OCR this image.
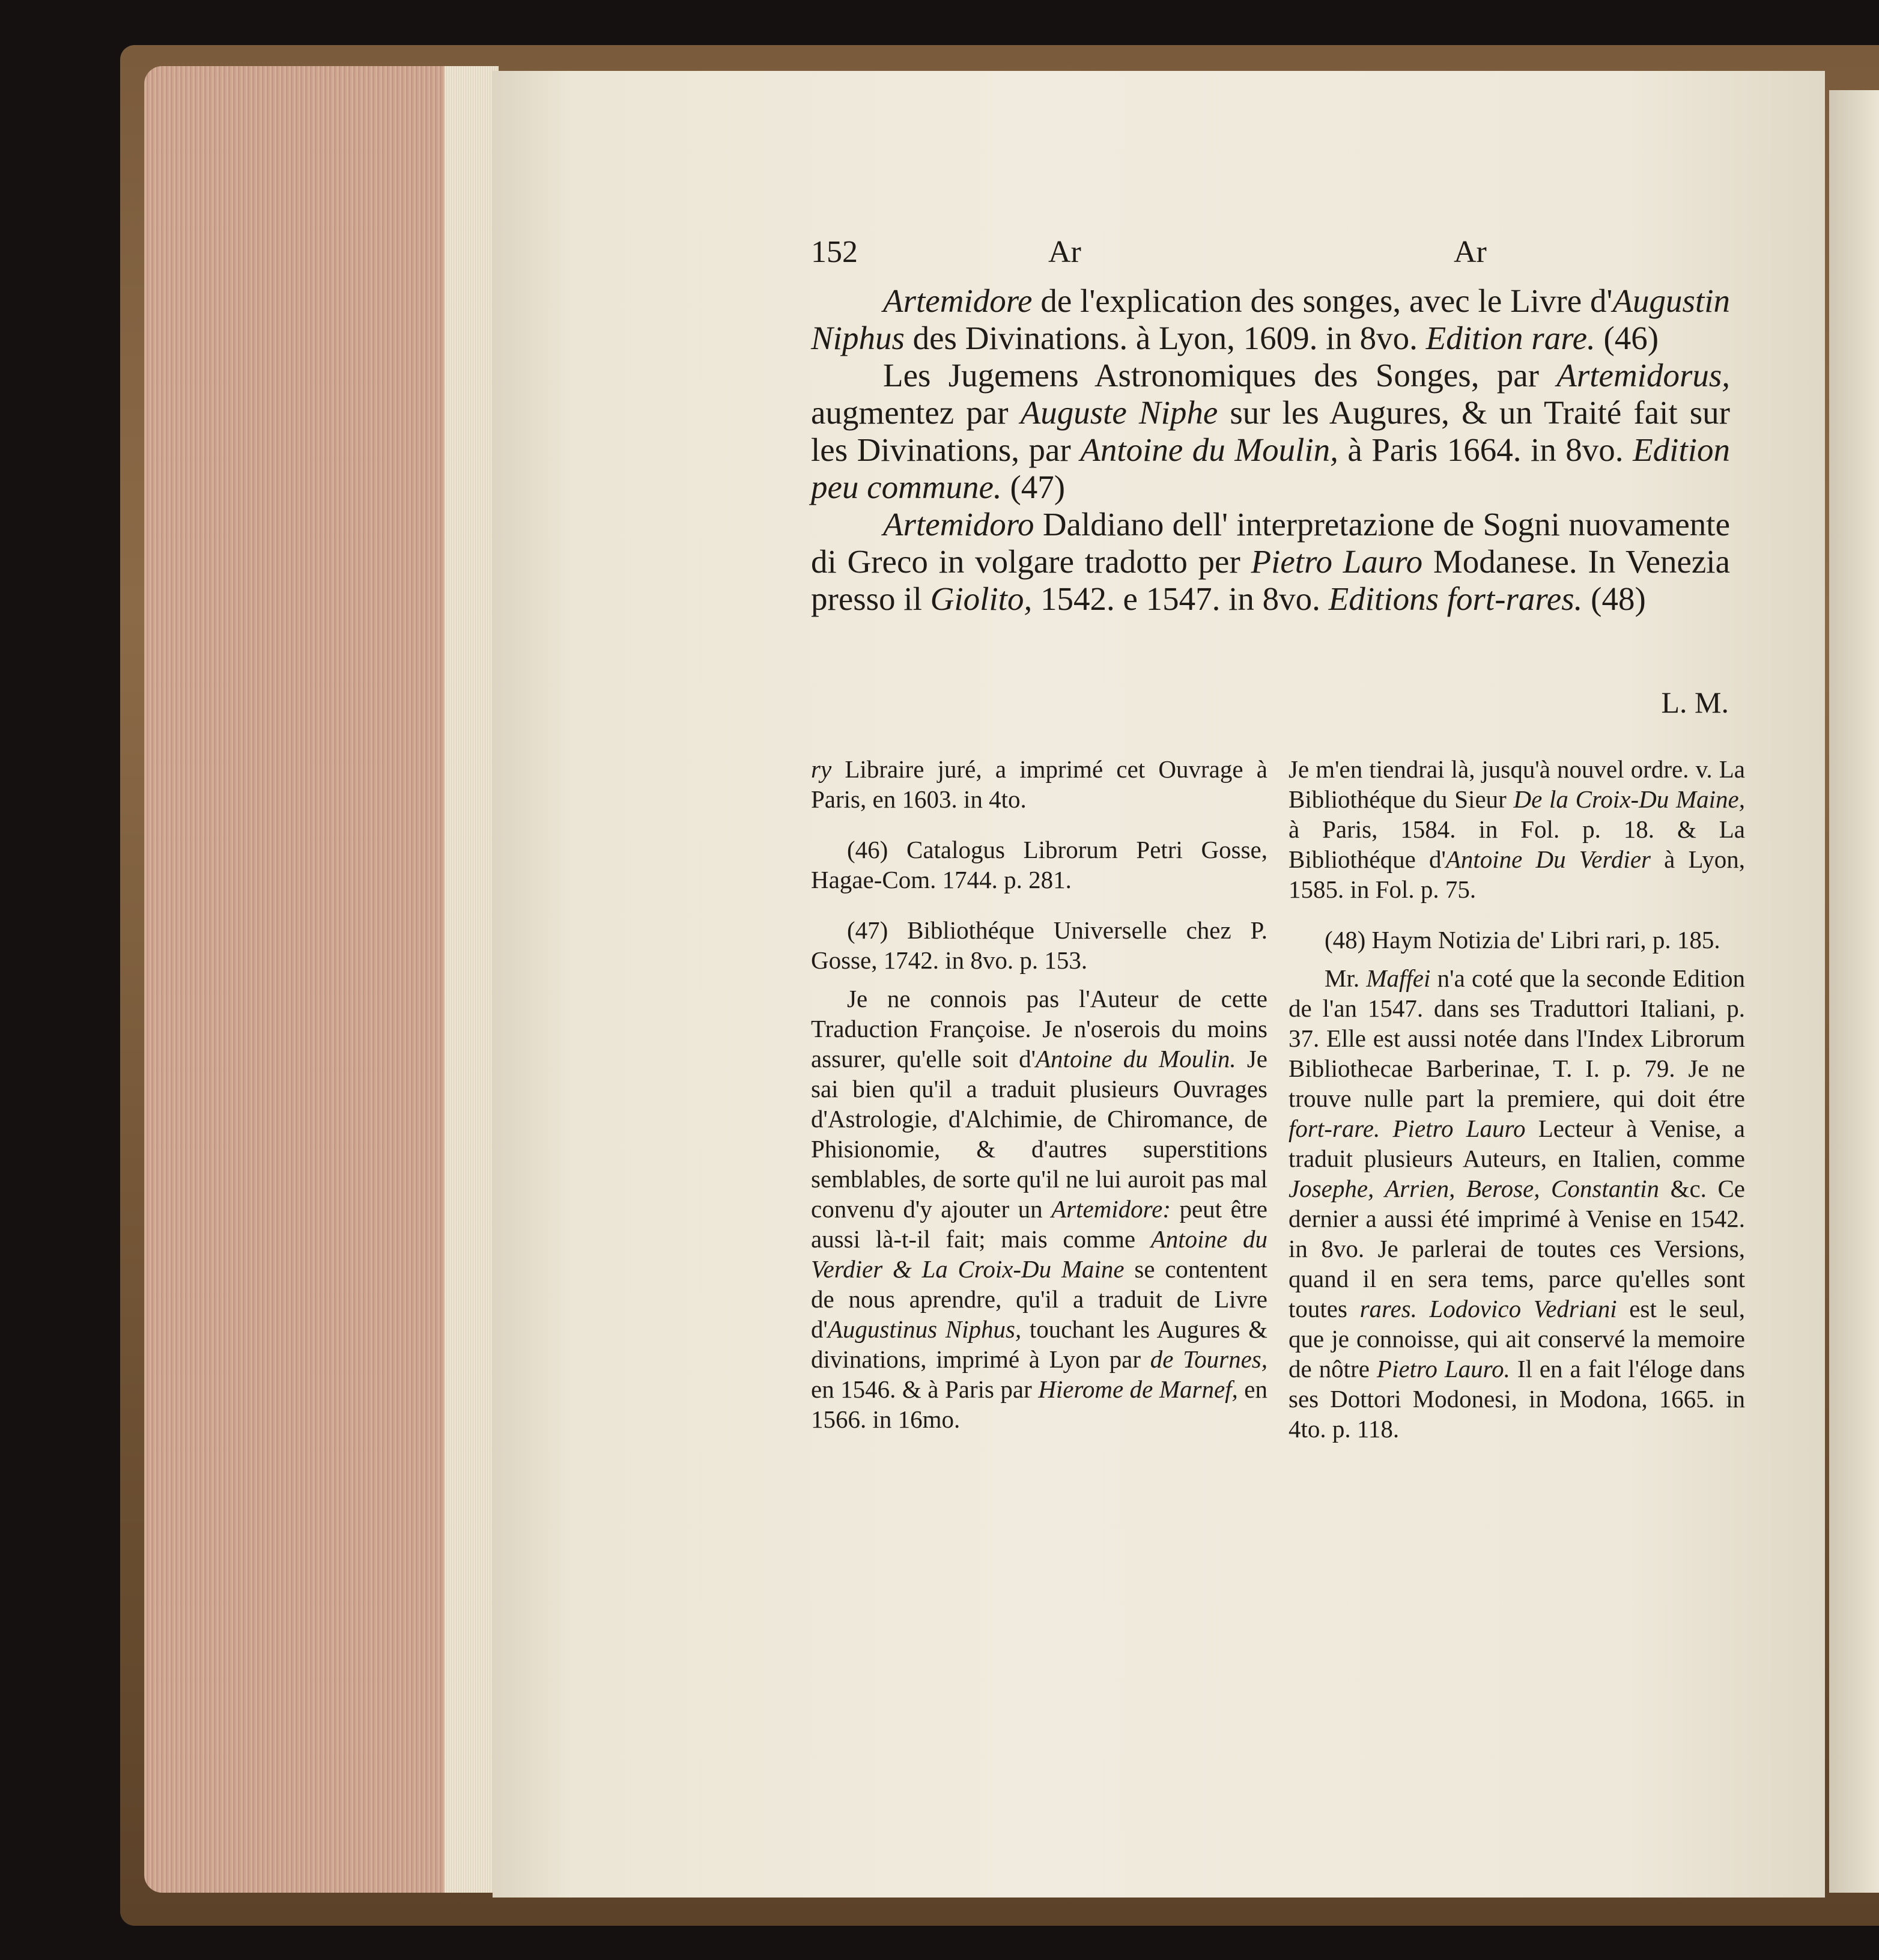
152	Ar	Ar

Artemidore de l'explication des songes, avec le Livre d'Augustin Niphus des Divinations. à Lyon, 1609. in 8vo. Edition rare. (46)

Les Jugemens Astronomiques des Songes, par Artemidorus, augmentez par Auguste Niphe sur les Augures, & un Traité fait sur les Divinations, par Antoine du Moulin, à Paris 1664. in 8vo. Edition peu commune. (47)

Artemidoro Daldiano dell' interpretazione de Sogni nuovamente di Greco in volgare tradotto per Pietro Lauro Modanese. In Venezia presso il Giolito, 1542. e 1547. in 8vo. Editions fort-rares. (48)

L. M.

ry Libraire juré, a imprimé cet Ouvrage à Paris, en 1603. in 4to.

(46) Catalogus Librorum Petri Gosse, Hagae-Com. 1744. p. 281.

(47) Bibliothéque Universelle chez P. Gosse, 1742. in 8vo. p. 153.

Je ne connois pas l'Auteur de cette Traduction Françoise. Je n'oserois du moins assurer, qu'elle soit d'Antoine du Moulin. Je sai bien qu'il a traduit plusieurs Ouvrages d'Astrologie, d'Alchimie, de Chiromance, de Phisionomie, & d'autres superstitions semblables, de sorte qu'il ne lui auroit pas mal convenu d'y ajouter un Artemidore: peut être aussi là-t-il fait; mais comme Antoine du Verdier & La Croix-Du Maine se contentent de nous aprendre, qu'il a traduit de Livre d'Augustinus Niphus, touchant les Augures & divinations, imprimé à Lyon par de Tournes, en 1546. & à Paris par Hierome de Marnef, en 1566. in 16mo.

Je m'en tiendrai là, jusqu'à nouvel ordre. v. La Bibliothéque du Sieur De la Croix-Du Maine, à Paris, 1584. in Fol. p. 18. & La Bibliothéque d'Antoine Du Verdier à Lyon, 1585. in Fol. p. 75.

(48) Haym Notizia de' Libri rari, p. 185.

Mr. Maffei n'a coté que la seconde Edition de l'an 1547. dans ses Traduttori Italiani, p. 37. Elle est aussi notée dans l'Index Librorum Bibliothecae Barberinae, T. I. p. 79. Je ne trouve nulle part la premiere, qui doit étre fort-rare. Pietro Lauro Lecteur à Venise, a traduit plusieurs Auteurs, en Italien, comme Josephe, Arrien, Berose, Constantin &c. Ce dernier a aussi été imprimé à Venise en 1542. in 8vo. Je parlerai de toutes ces Versions, quand il en sera tems, parce qu'elles sont toutes rares. Lodovico Vedriani est le seul, que je connoisse, qui ait conservé la memoire de nôtre Pietro Lauro. Il en a fait l'éloge dans ses Dottori Modonesi, in Modona, 1665. in 4to. p. 118.
